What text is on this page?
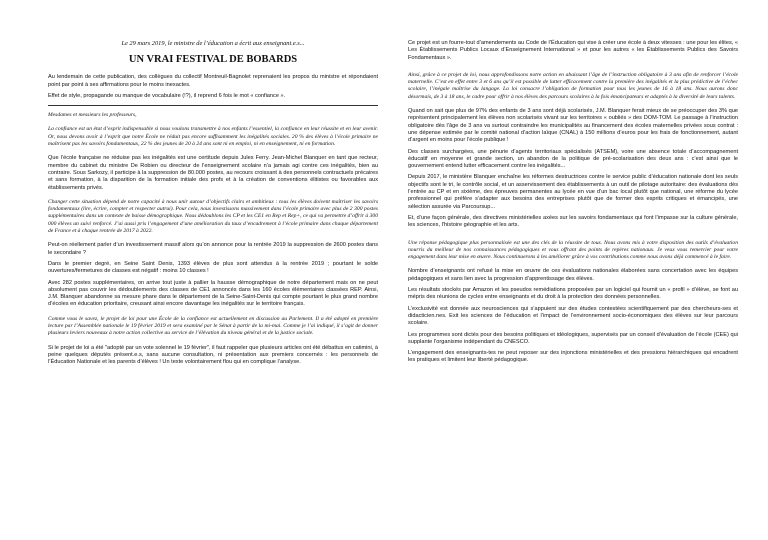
Le 29 mars 2019, le ministre de l’éducation a écrit aux enseignant.e.s...
UN VRAI FESTIVAL DE BOBARDS

Au lendemain de cette publication, des collègues du collectif Montreuil-Bagnolet reprenaient les propos du ministre et répondaient point par point à ses affirmations pour le moins inexactes.

Effet de style, propagande ou manque de vocabulaire (!?), il reprend 6 fois le mot « confiance ».

Mesdames et messieurs les professeurs,

La confiance est un état d’esprit indispensable si nous voulons transmettre à nos enfants l’essentiel, la confiance en leur réussite et en leur avenir. Or, nous devons avoir à l’esprit que notre École ne réduit pas encore suffisamment les inégalités sociales. 20 % des élèves à l’école primaire ne maîtrisent pas les savoirs fondamentaux, 22 % des jeunes de 20 à 24 ans sont ni en emploi, ni en enseignement, ni en formation.

Que l’école française ne réduise pas les inégalités est une certitude depuis Jules Ferry. Jean-Michel Blanquer en tant que recteur, membre du cabinet du ministre De Robien ou directeur de l’enseignement scolaire n’a jamais agi contre ces inégalités, bien au contraire. Sous Sarkozy, il participe à la suppression de 80.000 postes, au recours croissant à des personnels contractuels précaires et sans formation, à la disparition de la formation initiale des profs et à la création de conventions élitistes ou favorables aux établissements privés.

Changer cette situation dépend de notre capacité à nous unir autour d’objectifs clairs et ambitieux : tous les élèves doivent maîtriser les savoirs fondamentaux (lire, écrire, compter et respecter autrui). Pour cela, nous investissons massivement dans l’école primaire avec plus de 2 300 postes supplémentaires dans un contexte de baisse démographique. Nous dédoublons les CP et les CE1 en Rep et Rep+, ce qui va permettre d’offrir à 300 000 élèves un suivi renforcé. J’ai aussi pris l’engagement d’une amélioration du taux d’encadrement à l’école primaire dans chaque département de France et à chaque rentrée de 2017 à 2022.

Peut-on réellement parler d’un investissement massif alors qu’on annonce pour la rentrée 2019 la suppression de 2600 postes dans le secondaire ?

Dans le premier degré, en Seine Saint Denis, 1393 élèves de plus sont attendus à la rentrée 2019 ; pourtant le solde ouvertures/fermetures de classes est négatif : moins 10 classes !

Avec 282 postes supplémentaires, on arrive tout juste à pallier la hausse démographique de notre département mais on ne peut absolument pas couvrir les dédoublements des classes de CE1 annoncés dans les 160 écoles élémentaires classées REP. Ainsi, J.M. Blanquer abandonne sa mesure phare dans le département de la Seine-Saint-Denis qui compte pourtant le plus grand nombre d’écoles en éducation prioritaire, creusant ainsi encore davantage les inégalités sur le territoire français.

Comme vous le savez, le projet de loi pour une École de la confiance est actuellement en discussion au Parlement. Il a été adopté en première lecture par l’Assemblée nationale le 19 février 2019 et sera examiné par le Sénat à partir de la mi-mai. Comme je l’ai indiqué, il s’agit de donner plusieurs leviers nouveaux à notre action collective au service de l’élévation du niveau général et de la justice sociale.

Si le projet de loi a été "adopté par un vote solennel le 19 février", il faut rappeler que plusieurs articles ont été débattus en catimini, à peine quelques députés présent.e.s, sans aucune consultation, ni présentation aux premiers concernés : les personnels de l’Éducation Nationale et les parents d’élèves ! Un texte volontairement flou qui en complique l’analyse.

Ce projet est un fourre-tout d’amendements au Code de l’Éducation qui vise à créer une école à deux vitesses : une pour les élites, « Les Établissements Publics Locaux d’Enseignement International » et pour les autres « les Établissements Publics des Savoirs Fondamentaux ».

Ainsi, grâce à ce projet de loi, nous approfondissons notre action en abaissant l’âge de l’instruction obligatoire à 3 ans afin de renforcer l’école maternelle. C’est en effet entre 3 et 6 ans qu’il est possible de lutter efficacement contre la première des inégalités et la plus prédictive de l’échec scolaire, l’inégale maîtrise du langage. La loi consacre l’obligation de formation pour tous les jeunes de 16 à 18 ans. Nous aurons donc désormais, de 3 à 18 ans, le cadre pour offrir à nos élèves des parcours scolaires à la fois émancipateurs et adaptés à la diversité de leurs talents.

Quand on sait que plus de 97% des enfants de 3 ans sont déjà scolarisés, J.M. Blanquer ferait mieux de se préoccuper des 3% que représentent principalement les élèves non scolarisés vivant sur les territoires « oubliés » des DOM-TOM. Le passage à l’instruction obligatoire dès l’âge de 3 ans va surtout contraindre les municipalités au financement des écoles maternelles privées sous contrat : une dépense estimée par le comité national d’action laïque (CNAL) à 150 millions d’euros pour les frais de fonctionnement, autant d’argent en moins pour l’école publique !

Des classes surchargées, une pénurie d’agents territoriaux spécialisés (ATSEM), voire une absence totale d’accompagnement éducatif en moyenne et grande section, un abandon de la politique de pré-scolarisation des deux ans : c’est ainsi que le gouvernement entend lutter efficacement contre les inégalités...

Depuis 2017, le ministère Blanquer enchaîne les réformes destructrices contre le service public d’éducation nationale dont les seuls objectifs sont le tri, le contrôle social, et un asservissement des établissements à un outil de pilotage autoritaire: des évaluations dès l’entrée au CP et en sixième, des épreuves permanentes au lycée en vue d’un bac local plutôt que national, une réforme du lycée professionnel qui préfère s’adapter aux besoins des entreprises plutôt que de former des esprits critiques et émancipés, une sélection assurée via Parcoursup...

Et, d’une façon générale, des directives ministérielles axées sur les savoirs fondamentaux qui font l’impasse sur la culture générale, les sciences, l’histoire géographie et les arts.

Une réponse pédagogique plus personnalisée est une des clés de la réussite de tous. Nous avons mis à votre disposition des outils d’évaluation nourris du meilleur de nos connaissances pédagogiques et vous offrant des points de repères nationaux. Je veux vous remercier pour votre engagement dans leur mise en œuvre. Nous continuerons à les améliorer grâce à vos contributions comme nous avons déjà commencé à le faire.

Nombre d’enseignants ont refusé la mise en œuvre de ces évaluations nationales élaborées sans concertation avec les équipes pédagogiques et sans lien avec la progression d’apprentissage des élèves.

Les résultats stockés par Amazon et les pseudos remédiations proposées par un logiciel qui fournit un « profil » d’élève, se font au mépris des réunions de cycles entre enseignants et du droit à la protection des données personnelles.

L’exclusivité est donnée aux neurosciences qui s’appuient sur des études contestées scientifiquement par des chercheurs-ses et didacticien.nes. Exit les sciences de l’éducation et l’impact de l’environnement socio-économiques des élèves sur leur parcours scolaire.

Les programmes sont dictés pour des besoins politiques et idéologiques, supervisés par un conseil d’évaluation de l’école (CEE) qui supplante l’organisme indépendant du CNESCO.

L’engagement des enseignants-tes ne peut reposer sur des injonctions ministérielles et des pressions hiérarchiques qui encadrent les pratiques et limitent leur liberté pédagogique.
